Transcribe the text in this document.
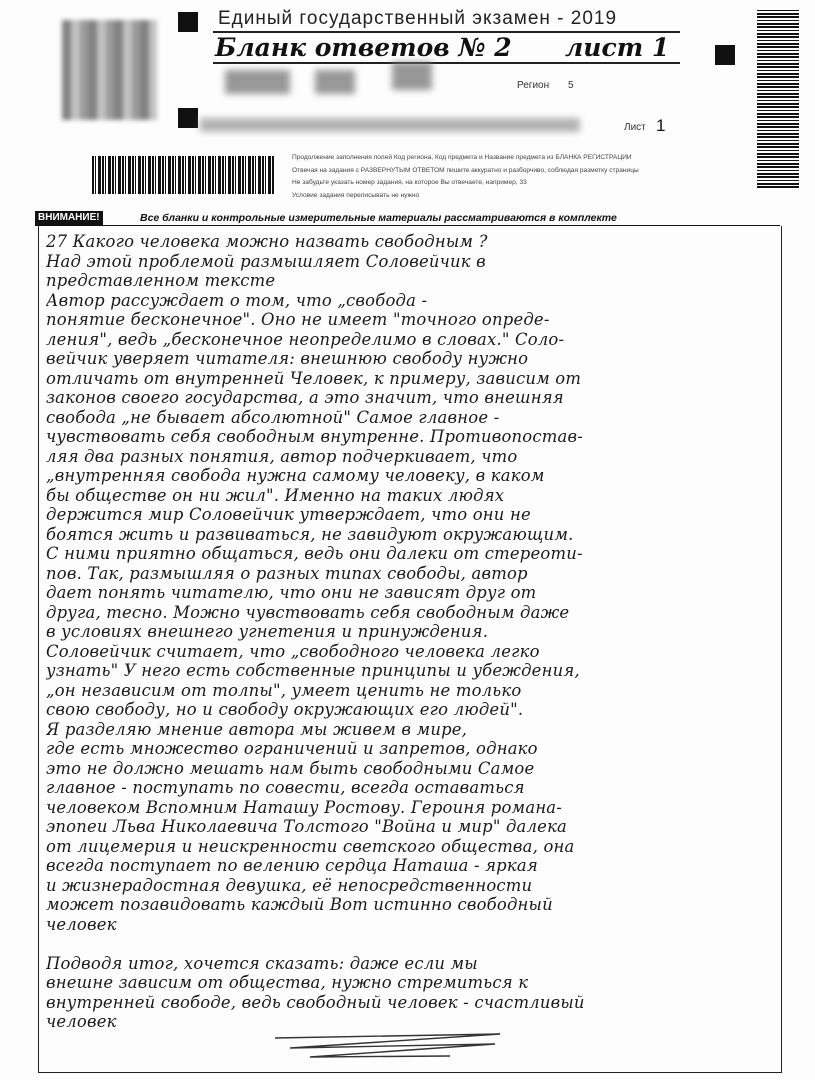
Единый государственный экзамен - 2019
Бланк ответов № 2	лист 1
Регион 5
Лист 1
Продолжение заполнения полей Код региона, Код предмета и Название предмета из БЛАНКА РЕГИСТРАЦИИ
Отвечая на задания с РАЗВЕРНУТЫМ ОТВЕТОМ пишите аккуратно и разборчиво, соблюдая разметку страницы
Не забудьте указать номер задания, на которое Вы отвечаете, например, 33
Условие задания переписывать не нужно
ВНИМАНИЕ!	Все бланки и контрольные измерительные материалы рассматриваются в комплекте
27 Какого человека можно назвать свободным ?
Над этой проблемой размышляет Соловейчик в
представленном тексте
Автор рассуждает о том, что „свобода -
понятие бесконечное". Оно не имеет "точного опреде-
ления", ведь „бесконечное неопределимо в словах." Соло-
вейчик уверяет читателя: внешнюю свободу нужно
отличать от внутренней Человек, к примеру, зависим от
законов своего государства, а это значит, что внешняя
свобода „не бывает абсолютной" Самое главное -
чувствовать себя свободным внутренне. Противопостав-
ляя два разных понятия, автор подчеркивает, что
„внутренняя свобода нужна самому человеку, в каком
бы обществе он ни жил". Именно на таких людях
держится мир Соловейчик утверждает, что они не
боятся жить и развиваться, не завидуют окружающим.
С ними приятно общаться, ведь они далеки от стереоти-
пов. Так, размышляя о разных типах свободы, автор
дает понять читателю, что они не зависят друг от
друга, тесно. Можно чувствовать себя свободным даже
в условиях внешнего угнетения и принуждения.
Соловейчик считает, что „свободного человека легко
узнать" У него есть собственные принципы и убеждения,
„он независим от толпы", умеет ценить не только
свою свободу, но и свободу окружающих его людей".
Я разделяю мнение автора мы живем в мире,
где есть множество ограничений и запретов, однако
это не должно мешать нам быть свободными Самое
главное - поступать по совести, всегда оставаться
человеком Вспомним Наташу Ростову. Героиня романа-
эпопеи Льва Николаевича Толстого "Война и мир" далека
от лицемерия и неискренности светского общества, она
всегда поступает по велению сердца Наташа - яркая
и жизнерадостная девушка, её непосредственности
может позавидовать каждый Вот истинно свободный
человек
Подводя итог, хочется сказать: даже если мы
внешне зависим от общества, нужно стремиться к
внутренней свободе, ведь свободный человек - счастливый
человек
